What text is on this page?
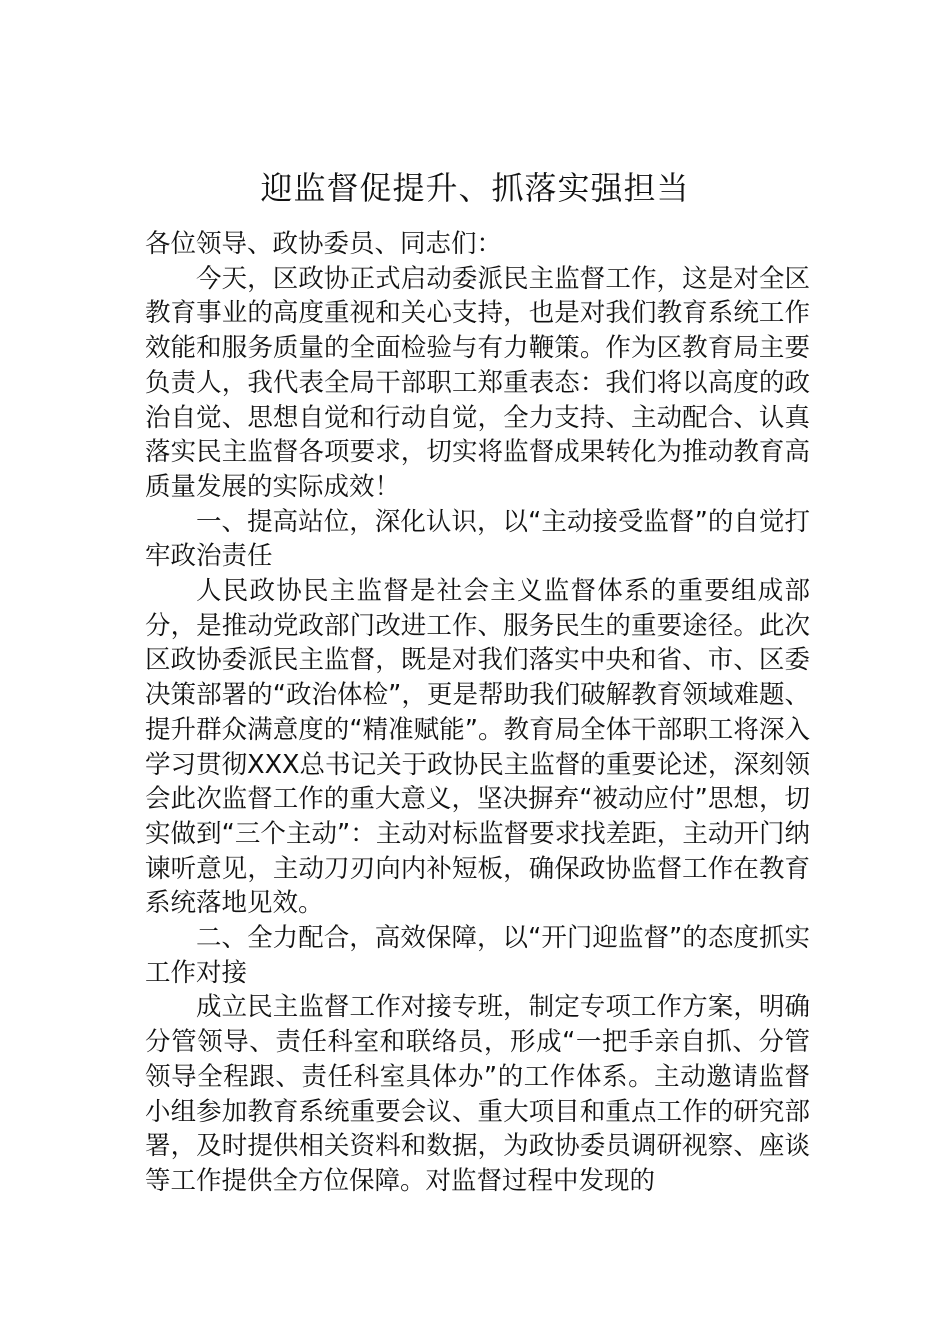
迎监督促提升、抓落实强担当

各位领导、政协委员、同志们：

今天，区政协正式启动委派民主监督工作，这是对全区教育事业的高度重视和关心支持，也是对我们教育系统工作效能和服务质量的全面检验与有力鞭策。作为区教育局主要负责人，我代表全局干部职工郑重表态：我们将以高度的政治自觉、思想自觉和行动自觉，全力支持、主动配合、认真落实民主监督各项要求，切实将监督成果转化为推动教育高质量发展的实际成效！

一、提高站位，深化认识，以“主动接受监督”的自觉打牢政治责任

人民政协民主监督是社会主义监督体系的重要组成部分，是推动党政部门改进工作、服务民生的重要途径。此次区政协委派民主监督，既是对我们落实中央和省、市、区委决策部署的“政治体检”，更是帮助我们破解教育领域难题、提升群众满意度的“精准赋能”。教育局全体干部职工将深入学习贯彻XXX总书记关于政协民主监督的重要论述，深刻领会此次监督工作的重大意义，坚决摒弃“被动应付”思想，切实做到“三个主动”：主动对标监督要求找差距，主动开门纳谏听意见，主动刀刃向内补短板，确保政协监督工作在教育系统落地见效。

二、全力配合，高效保障，以“开门迎监督”的态度抓实工作对接

成立民主监督工作对接专班，制定专项工作方案，明确分管领导、责任科室和联络员，形成“一把手亲自抓、分管领导全程跟、责任科室具体办”的工作体系。主动邀请监督小组参加教育系统重要会议、重大项目和重点工作的研究部署，及时提供相关资料和数据，为政协委员调研视察、座谈等工作提供全方位保障。对监督过程中发现的
